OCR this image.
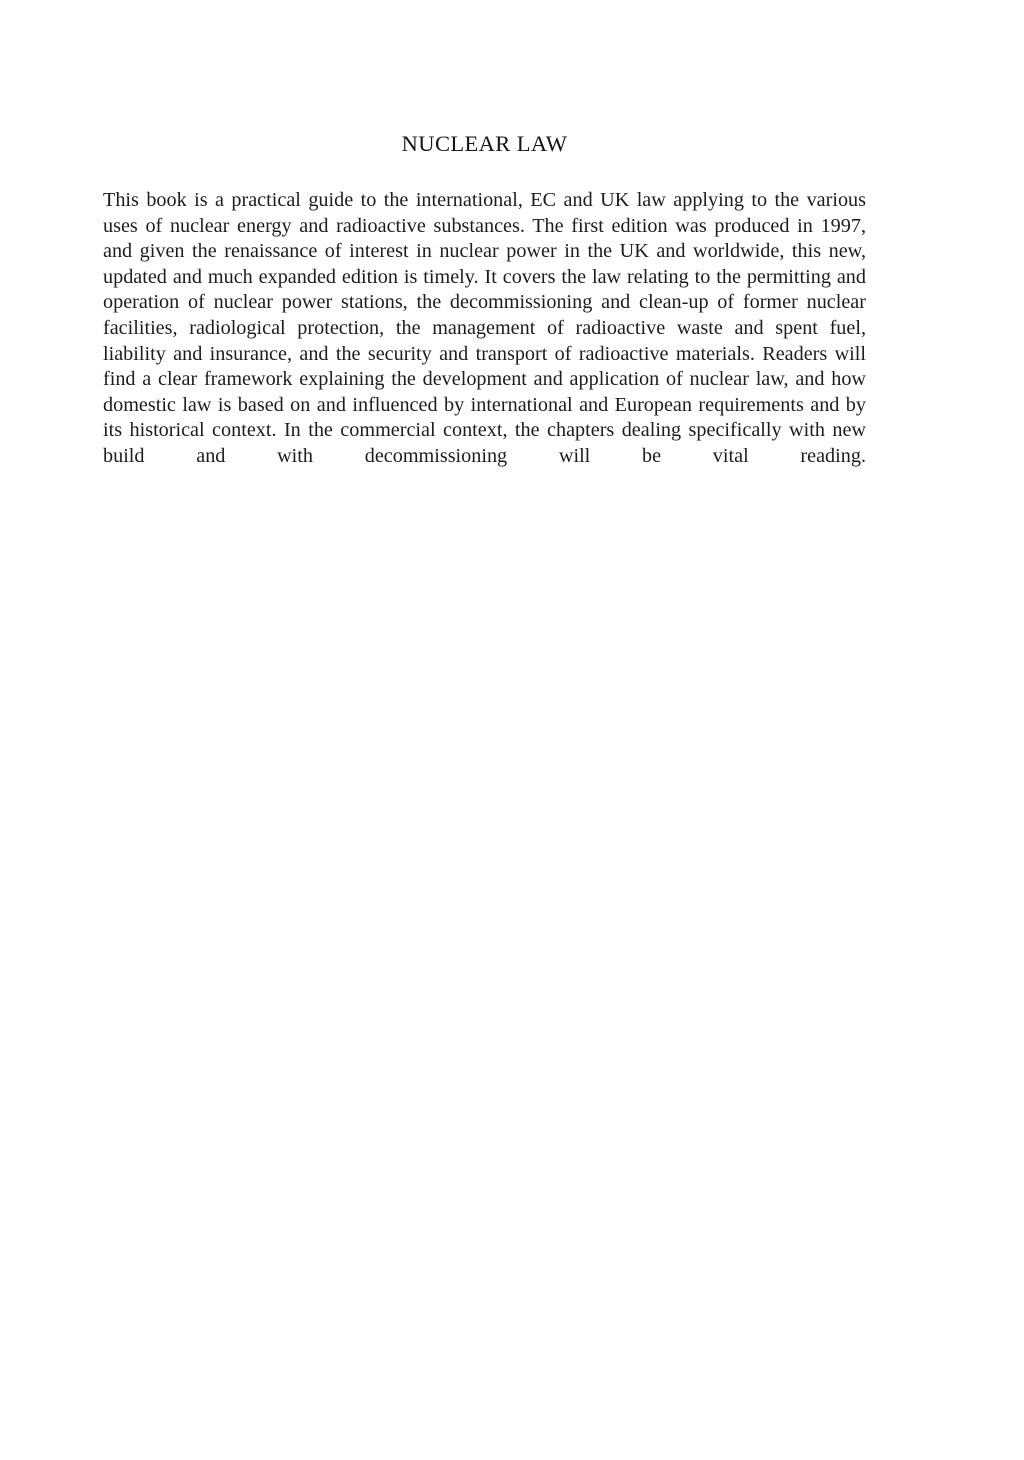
NUCLEAR LAW

This book is a practical guide to the international, EC and UK law applying to the various uses of nuclear energy and radioactive substances. The first edition was produced in 1997, and given the renaissance of interest in nuclear power in the UK and worldwide, this new, updated and much expanded edition is timely. It covers the law relating to the permitting and operation of nuclear power stations, the decommissioning and clean-up of former nuclear facilities, radiological protection, the management of radioactive waste and spent fuel, liability and insurance, and the security and transport of radioactive materials. Readers will find a clear framework explaining the development and application of nuclear law, and how domestic law is based on and influenced by international and European requirements and by its historical context. In the commercial context, the chapters dealing specifically with new build and with decommissioning will be vital reading.
